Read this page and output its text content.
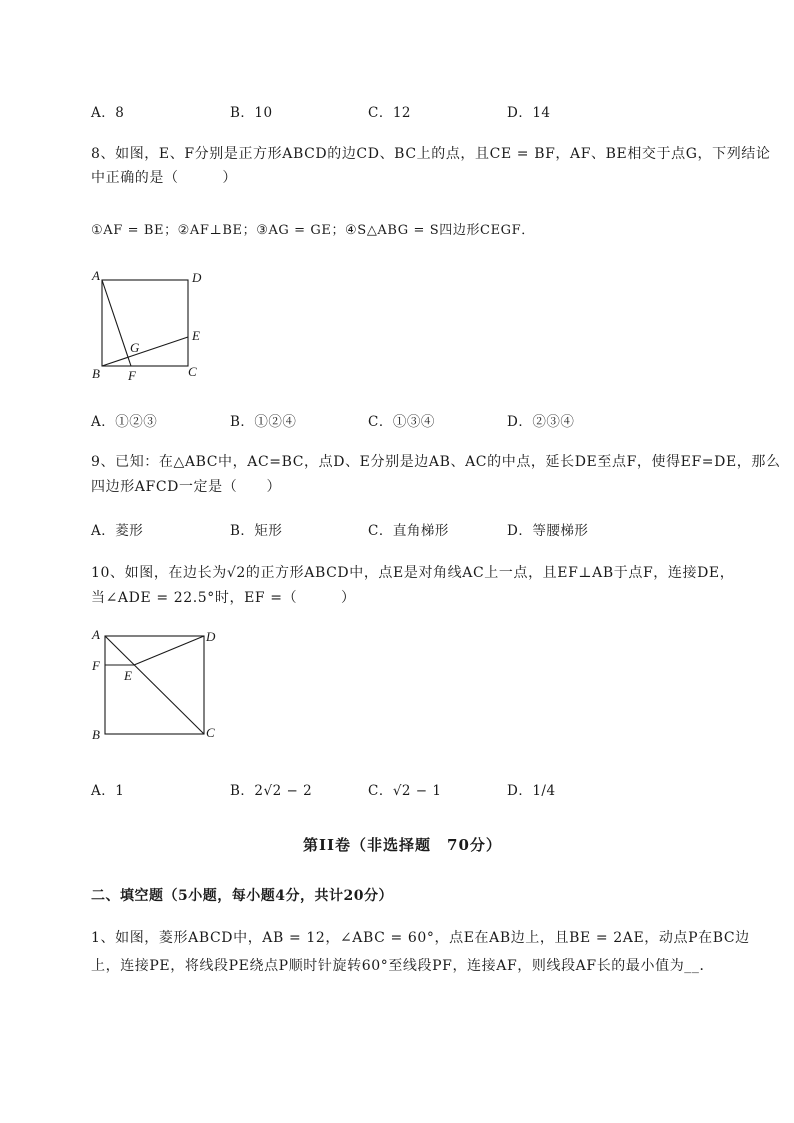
A．8	B．10	C．12	D．14
8、如图，E、F分别是正方形ABCD的边CD、BC上的点，且CE = BF，AF、BE相交于点G，下列结论
中正确的是（　　　）
①AF = BE；②AF⊥BE；③AG = GE；④S△ABG = S四边形CEGF．
A	D
E
G
B F	C
A．①②③	B．①②④	C．①③④	D．②③④
9、已知：在△ABC中，AC=BC，点D、E分别是边AB、AC的中点，延长DE至点F，使得EF=DE，那么
四边形AFCD一定是（　　）
A．菱形	B．矩形	C．直角梯形	D．等腰梯形
10、如图，在边长为√2的正方形ABCD中，点E是对角线AC上一点，且EF⊥AB于点F，连接DE，
当∠ADE = 22.5°时，EF =（　　　）
A	D
F
E
B	C
A．1	B．2√2 − 2	C．√2 − 1	D．1/4
第II卷（非选择题　70分）
二、填空题（5小题，每小题4分，共计20分）
1、如图，菱形ABCD中，AB = 12，∠ABC = 60°，点E在AB边上，且BE = 2AE，动点P在BC边
上，连接PE，将线段PE绕点P顺时针旋转60°至线段PF，连接AF，则线段AF长的最小值为__．
